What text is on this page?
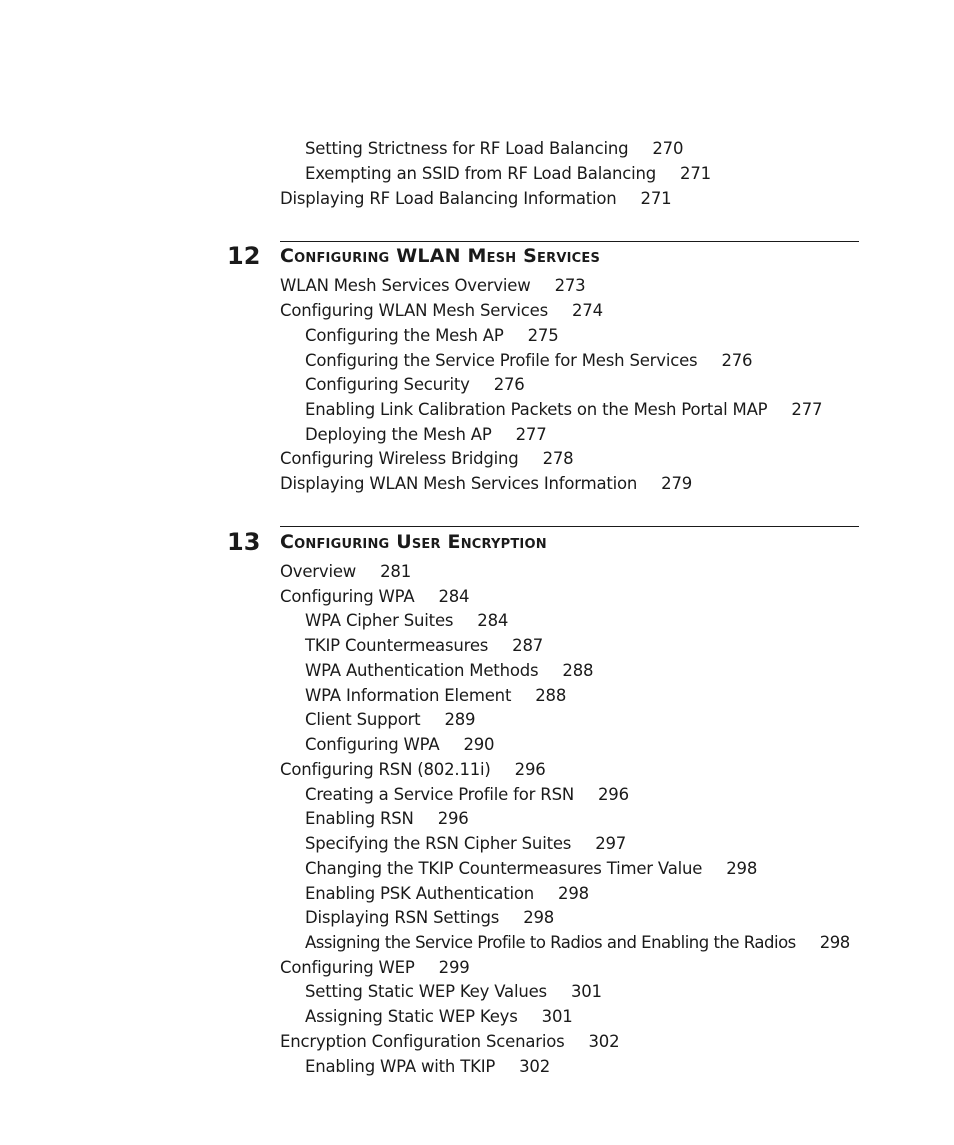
Setting Strictness for RF Load Balancing 270
Exempting an SSID from RF Load Balancing 271
Displaying RF Load Balancing Information 271
12 Configuring WLAN Mesh Services
WLAN Mesh Services Overview 273
Configuring WLAN Mesh Services 274
Configuring the Mesh AP 275
Configuring the Service Profile for Mesh Services 276
Configuring Security 276
Enabling Link Calibration Packets on the Mesh Portal MAP 277
Deploying the Mesh AP 277
Configuring Wireless Bridging 278
Displaying WLAN Mesh Services Information 279
13 Configuring User Encryption
Overview 281
Configuring WPA 284
WPA Cipher Suites 284
TKIP Countermeasures 287
WPA Authentication Methods 288
WPA Information Element 288
Client Support 289
Configuring WPA 290
Configuring RSN (802.11i) 296
Creating a Service Profile for RSN 296
Enabling RSN 296
Specifying the RSN Cipher Suites 297
Changing the TKIP Countermeasures Timer Value 298
Enabling PSK Authentication 298
Displaying RSN Settings 298
Assigning the Service Profile to Radios and Enabling the Radios 298
Configuring WEP 299
Setting Static WEP Key Values 301
Assigning Static WEP Keys 301
Encryption Configuration Scenarios 302
Enabling WPA with TKIP 302
